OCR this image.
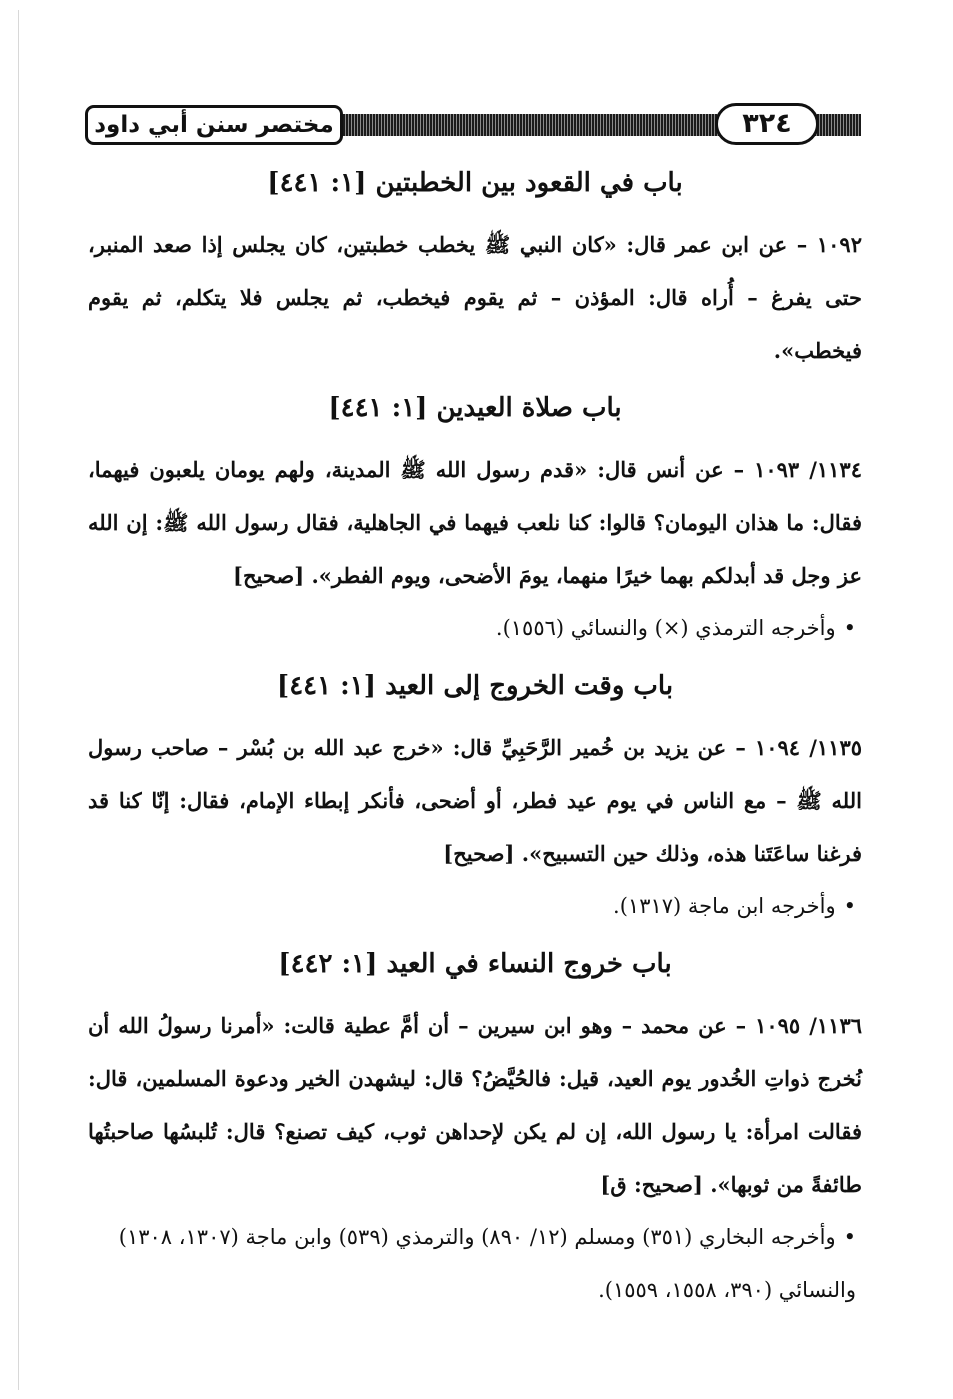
٣٢٤
مختصر سنن أبي داود
باب في القعود بين الخطبتين [١: ٤٤١]

١٠٩٢ – عن ابن عمر قال: «كان النبي ﷺ يخطب خطبتين، كان يجلس إذا صعد المنبر، حتى يفرغ – أُراه قال: المؤذن – ثم يقوم فيخطب، ثم يجلس فلا يتكلم، ثم يقوم فيخطب».

باب صلاة العيدين [١: ٤٤١]

١١٣٤/ ١٠٩٣ – عن أنس قال: «قدم رسول الله ﷺ المدينة، ولهم يومان يلعبون فيهما، فقال: ما هذان اليومان؟ قالوا: كنا نلعب فيهما في الجاهلية، فقال رسول الله ﷺ: إن الله عز وجل قد أبدلكم بهما خيرًا منهما، يومَ الأضحى، ويوم الفطر». [صحيح]

•وأخرجه الترمذي (×) والنسائي (١٥٥٦).

باب وقت الخروج إلى العيد [١: ٤٤١]

١١٣٥/ ١٠٩٤ – عن يزيد بن خُمير الرَّحَبِيِّ قال: «خرج عبد الله بن بُسْر – صاحب رسول الله ﷺ – مع الناس في يوم عيد فطر، أو أضحى، فأنكر إبطاء الإمام، فقال: إنّا كنا قد فرغنا ساعَتَنا هذه، وذلك حين التسبيح». [صحيح]

•وأخرجه ابن ماجة (١٣١٧).

باب خروج النساء في العيد [١: ٤٤٢]

١١٣٦/ ١٠٩٥ – عن محمد – وهو ابن سيرين – أن أمَّ عطية قالت: «أمرنا رسولُ الله أن نُخرج ذواتِ الخُدور يوم العيد، قيل: فالحُيَّضُ؟ قال: ليشهدن الخير ودعوة المسلمين، قال: فقالت امرأة: يا رسول الله، إن لم يكن لإحداهن ثوب، كيف تصنع؟ قال: تُلبسُها صاحبتُها طائفةً من ثوبها». [صحيح: ق]

•وأخرجه البخاري (٣٥١) ومسلم (١٢/ ٨٩٠) والترمذي (٥٣٩) وابن ماجة (١٣٠٧، ١٣٠٨) والنسائي (٣٩٠، ١٥٥٨، ١٥٥٩).
